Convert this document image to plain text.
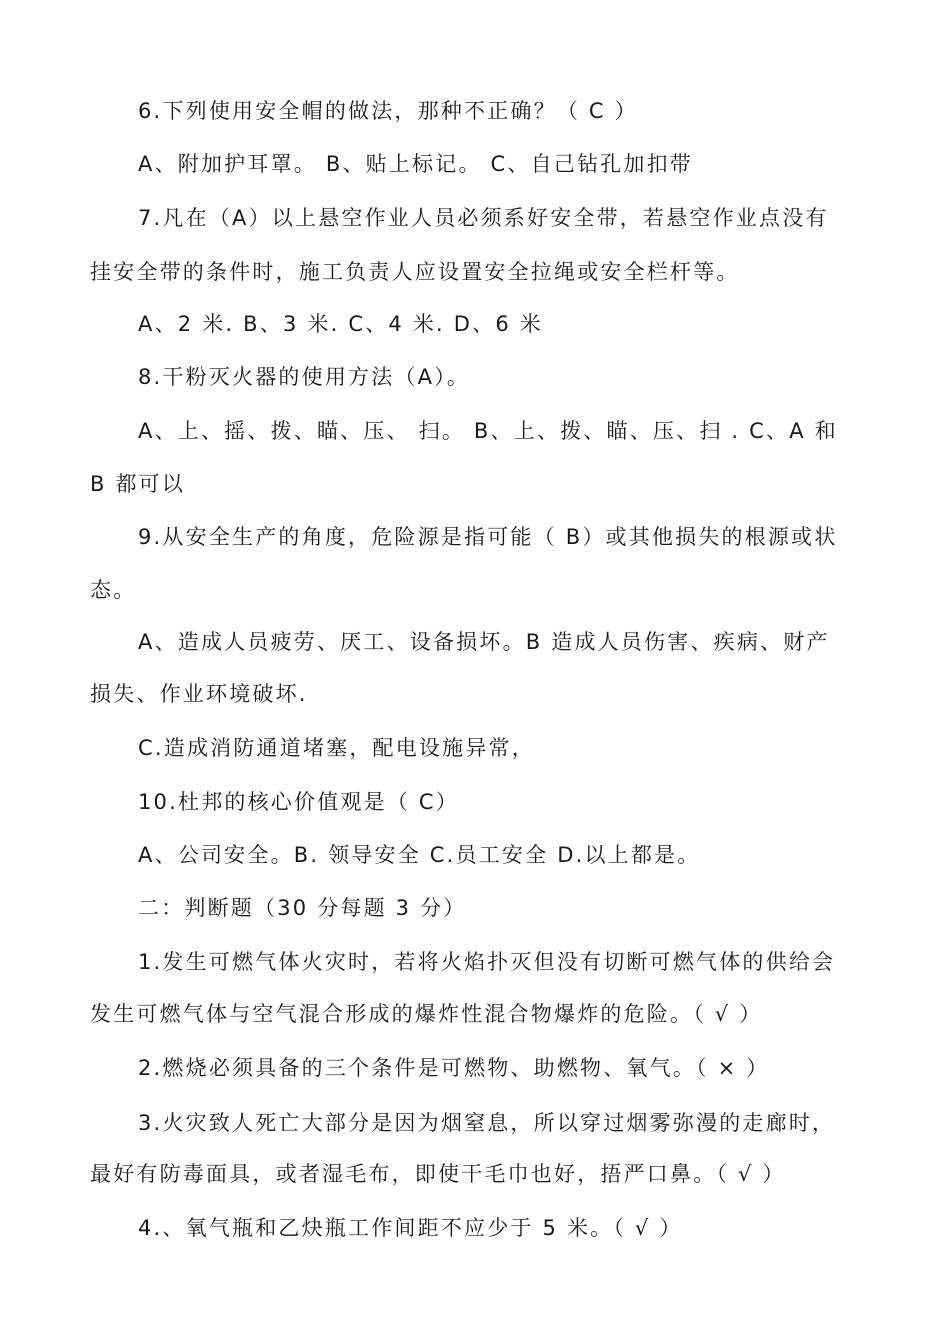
6.下列使用安全帽的做法，那种不正确？（ C ）

A、附加护耳罩。 B、贴上标记。 C、自己钻孔加扣带

7.凡在（A）以上悬空作业人员必须系好安全带，若悬空作业点没有

挂安全带的条件时，施工负责人应设置安全拉绳或安全栏杆等。

A、2 米. B、3 米. C、4 米. D、6 米

8.干粉灭火器的使用方法（A）。

A、上、摇、拨、瞄、压、 扫。 B、上、拨、瞄、压、扫 . C、A 和

B 都可以

9.从安全生产的角度，危险源是指可能（ B）或其他损失的根源或状

态。

A、造成人员疲劳、厌工、设备损坏。B 造成人员伤害、疾病、财产

损失、作业环境破坏.

C.造成消防通道堵塞，配电设施异常，

10.杜邦的核心价值观是（ C）

A、公司安全。B. 领导安全 C.员工安全 D.以上都是。

二：判断题（30 分每题 3 分）

1.发生可燃气体火灾时，若将火焰扑灭但没有切断可燃气体的供给会

发生可燃气体与空气混合形成的爆炸性混合物爆炸的危险。（ √ ）

2.燃烧必须具备的三个条件是可燃物、助燃物、氧气。（ × ）

3.火灾致人死亡大部分是因为烟窒息，所以穿过烟雾弥漫的走廊时，

最好有防毒面具，或者湿毛布，即使干毛巾也好，捂严口鼻。（ √ ）

4.、氧气瓶和乙炔瓶工作间距不应少于 5 米。（ √ ）
